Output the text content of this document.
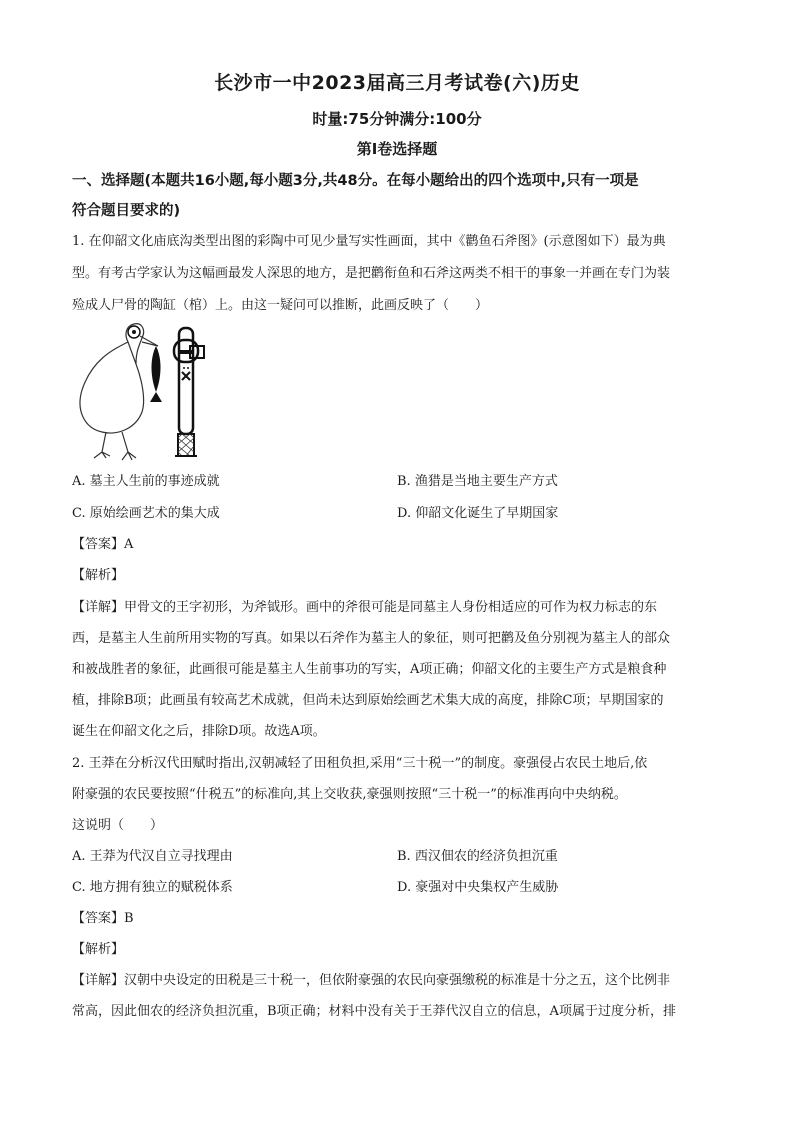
长沙市一中2023届高三月考试卷(六)历史
时量:75分钟满分:100分
第I卷选择题
一、选择题(本题共16小题,每小题3分,共48分。在每小题给出的四个选项中,只有一项是
符合题目要求的)
1. 在仰韶文化庙底沟类型出图的彩陶中可见少量写实性画面，其中《鹳鱼石斧图》(示意图如下）最为典
型。有考古学家认为这幅画最发人深思的地方，是把鹳衔鱼和石斧这两类不相干的事象一并画在专门为装
殓成人尸骨的陶缸（棺）上。由这一疑问可以推断，此画反映了（　　）
A. 墓主人生前的事迹成就	B. 渔猎是当地主要生产方式
C. 原始绘画艺术的集大成	D. 仰韶文化诞生了早期国家
【答案】A
【解析】
【详解】甲骨文的王字初形，为斧钺形。画中的斧很可能是同墓主人身份相适应的可作为权力标志的东
西，是墓主人生前所用实物的写真。如果以石斧作为墓主人的象征，则可把鹳及鱼分别视为墓主人的部众
和被战胜者的象征，此画很可能是墓主人生前事功的写实，A项正确；仰韶文化的主要生产方式是粮食种
植，排除B项；此画虽有较高艺术成就，但尚未达到原始绘画艺术集大成的高度，排除C项；早期国家的
诞生在仰韶文化之后，排除D项。故选A项。
2. 王莽在分析汉代田赋时指出,汉朝减轻了田租负担,采用“三十税一”的制度。豪强侵占农民土地后,依
附豪强的农民要按照“什税五”的标准向,其上交收获,豪强则按照“三十税一”的标准再向中央纳税。
这说明（　　）
A. 王莽为代汉自立寻找理由	B. 西汉佃农的经济负担沉重
C. 地方拥有独立的赋税体系	D. 豪强对中央集权产生威胁
【答案】B
【解析】
【详解】汉朝中央设定的田税是三十税一，但依附豪强的农民向豪强缴税的标准是十分之五，这个比例非
常高，因此佃农的经济负担沉重，B项正确；材料中没有关于王莽代汉自立的信息，A项属于过度分析，排
